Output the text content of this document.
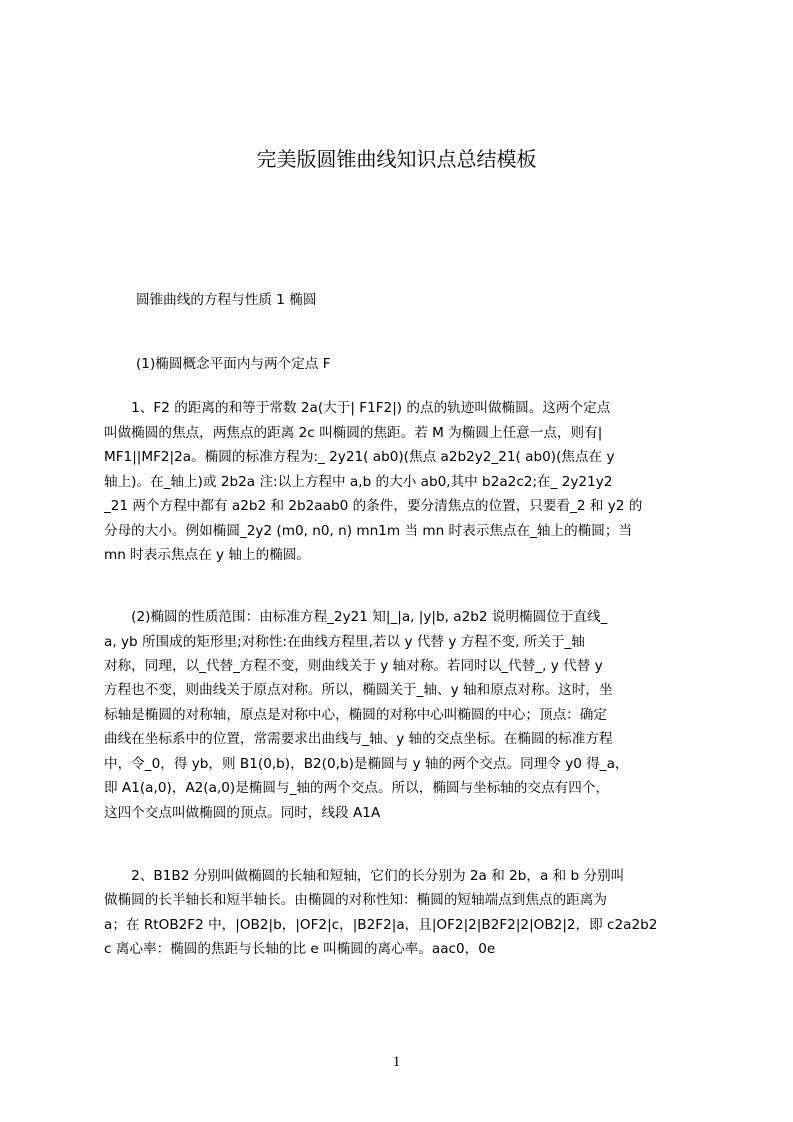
完美版圆锥曲线知识点总结模板
圆锥曲线的方程与性质 1 椭圆
(1)椭圆概念平面内与两个定点 F
　　1、F2 的距离的和等于常数 2a(大于| F1F2|) 的点的轨迹叫做椭圆。这两个定点
叫做椭圆的焦点，两焦点的距离 2c 叫椭圆的焦距。若 M 为椭圆上任意一点，则有|
MF1||MF2|2a。椭圆的标准方程为:_ 2y21( ab0)(焦点 a2b2y2_21( ab0)(焦点在 y
轴上)。在_轴上)或 2b2a 注:以上方程中 a,b 的大小 ab0,其中 b2a2c2;在_ 2y21y2
_21 两个方程中都有 a2b2 和 2b2aab0 的条件，要分清焦点的位置，只要看_2 和 y2 的
分母的大小。例如椭圆_2y2 (m0, n0, n) mn1m 当 mn 时表示焦点在_轴上的椭圆；当
mn 时表示焦点在 y 轴上的椭圆。
　　(2)椭圆的性质范围：由标准方程_2y21 知|_|a, |y|b, a2b2 说明椭圆位于直线_
a, yb 所围成的矩形里;对称性:在曲线方程里,若以 y 代替 y 方程不变, 所关于_轴
对称，同理，以_代替_方程不变，则曲线关于 y 轴对称。若同时以_代替_, y 代替 y
方程也不变，则曲线关于原点对称。所以，椭圆关于_轴、y 轴和原点对称。这时，坐
标轴是椭圆的对称轴，原点是对称中心，椭圆的对称中心叫椭圆的中心；顶点：确定
曲线在坐标系中的位置，常需要求出曲线与_轴、y 轴的交点坐标。在椭圆的标准方程
中，令_0，得 yb，则 B1(0,b)，B2(0,b)是椭圆与 y 轴的两个交点。同理令 y0 得_a，
即 A1(a,0)，A2(a,0)是椭圆与_轴的两个交点。所以，椭圆与坐标轴的交点有四个，
这四个交点叫做椭圆的顶点。同时，线段 A1A
　　2、B1B2 分别叫做椭圆的长轴和短轴，它们的长分别为 2a 和 2b，a 和 b 分别叫
做椭圆的长半轴长和短半轴长。由椭圆的对称性知：椭圆的短轴端点到焦点的距离为
a；在 RtOB2F2 中，|OB2|b，|OF2|c，|B2F2|a，且|OF2|2|B2F2|2|OB2|2，即 c2a2b2
c 离心率：椭圆的焦距与长轴的比 e 叫椭圆的离心率。aac0，0e
1
